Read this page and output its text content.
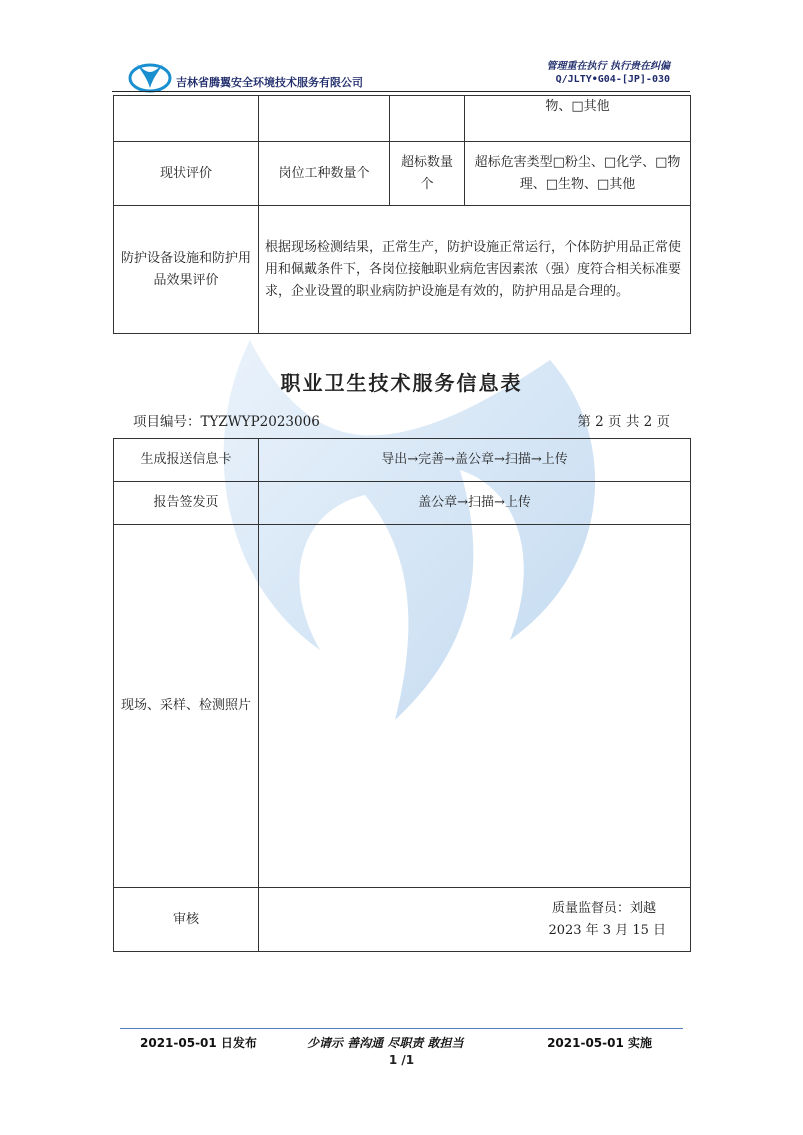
吉林省腾翼安全环境技术服务有限公司
管理重在执行 执行贵在纠偏
Q/JLTY•G04-[JP]-030
			物、□其他
现状评价	岗位工种数量个	超标数量个	超标危害类型□粉尘、□化学、□物理、□生物、□其他
防护设备设施和防护用品效果评价	根据现场检测结果，正常生产，防护设施正常运行，个体防护用品正常使用和佩戴条件下，各岗位接触职业病危害因素浓（强）度符合相关标准要求，企业设置的职业病防护设施是有效的，防护用品是合理的。		
职业卫生技术服务信息表
项目编号：TYZWYP2023006	第 2 页 共 2 页
生成报送信息卡	导出→完善→盖公章→扫描→上传
报告签发页	盖公章→扫描→上传
现场、采样、检测照片	
审核	质量监督员：刘越
2023 年 3 月 15 日
2021-05-01 日发布	少请示 善沟通 尽职责 敢担当	2021-05-01 实施
1 /1
